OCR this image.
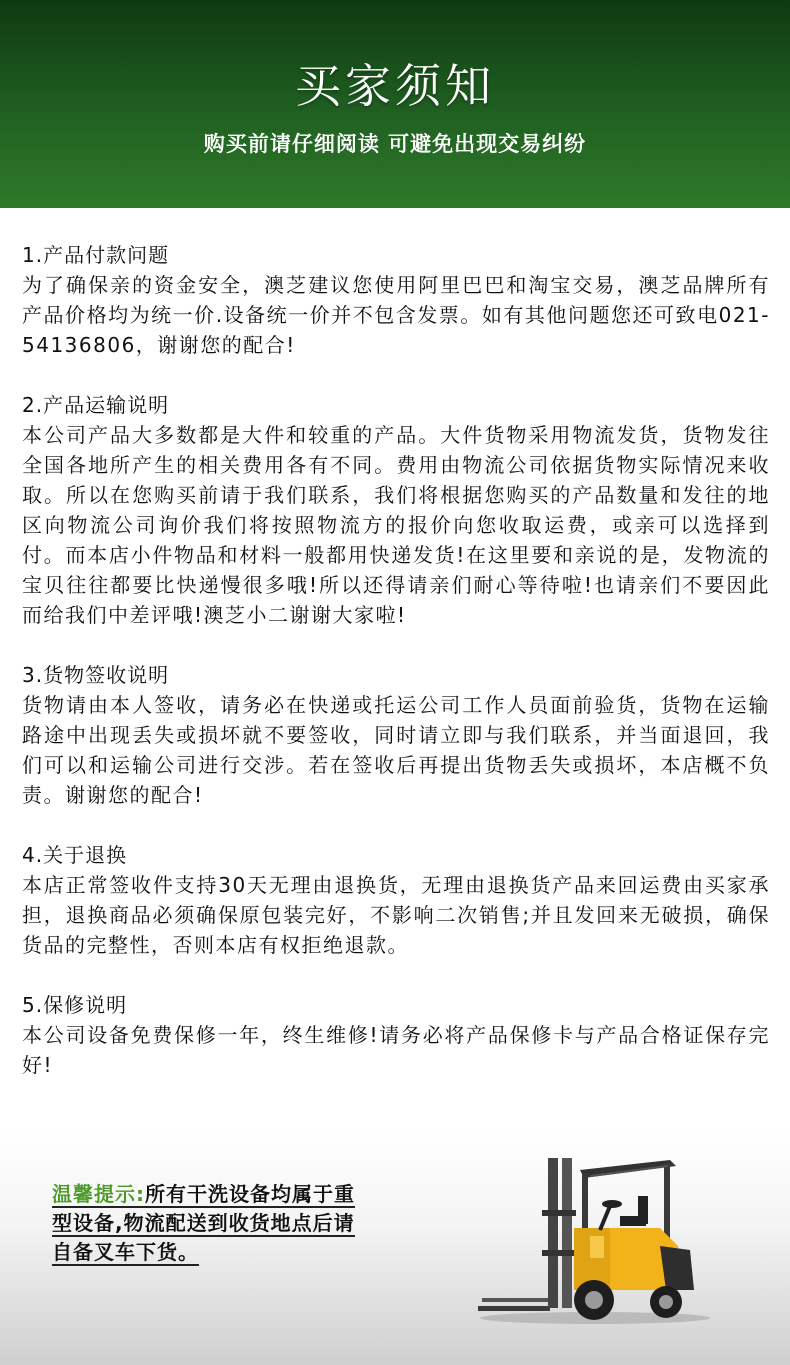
买家须知
购买前请仔细阅读 可避免出现交易纠纷
1.产品付款问题

为了确保亲的资金安全，澳芝建议您使用阿里巴巴和淘宝交易，澳芝品牌所有产品价格均为统一价.设备统一价并不包含发票。如有其他问题您还可致电021-54136806，谢谢您的配合!

2.产品运输说明

本公司产品大多数都是大件和较重的产品。大件货物采用物流发货，货物发往全国各地所产生的相关费用各有不同。费用由物流公司依据货物实际情况来收取。所以在您购买前请于我们联系，我们将根据您购买的产品数量和发往的地区向物流公司询价我们将按照物流方的报价向您收取运费，或亲可以选择到付。而本店小件物品和材料一般都用快递发货!在这里要和亲说的是，发物流的宝贝往往都要比快递慢很多哦!所以还得请亲们耐心等待啦!也请亲们不要因此而给我们中差评哦!澳芝小二谢谢大家啦!

3.货物签收说明

货物请由本人签收，请务必在快递或托运公司工作人员面前验货，货物在运输路途中出现丢失或损坏就不要签收，同时请立即与我们联系，并当面退回，我们可以和运输公司进行交涉。若在签收后再提出货物丢失或损坏，本店概不负责。谢谢您的配合!

4.关于退换

本店正常签收件支持30天无理由退换货，无理由退换货产品来回运费由买家承担，退换商品必须确保原包装完好，不影响二次销售;并且发回来无破损，确保货品的完整性，否则本店有权拒绝退款。

5.保修说明

本公司设备免费保修一年，终生维修!请务必将产品保修卡与产品合格证保存完好!

温馨提示:所有干洗设备均属于重
型设备,物流配送到收货地点后请
自备叉车下货。
